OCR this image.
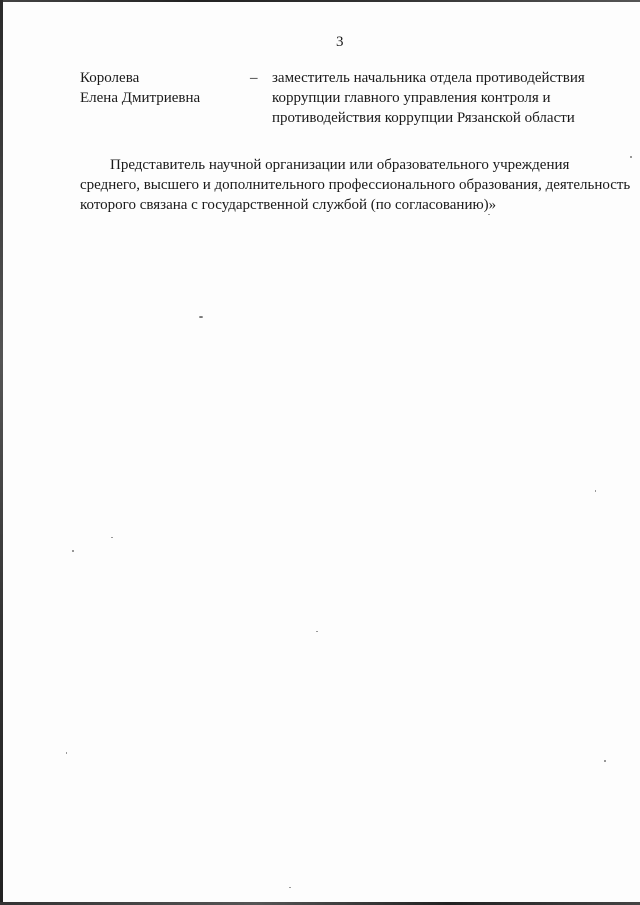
3
Королева
Елена Дмитриевна
– заместитель начальника отдела противодействия
коррупции главного управления контроля и
противодействия коррупции Рязанской области
Представитель научной организации или образовательного учреждения
среднего, высшего и дополнительного профессионального образования, деятельность
которого связана с государственной службой (по согласованию)»
